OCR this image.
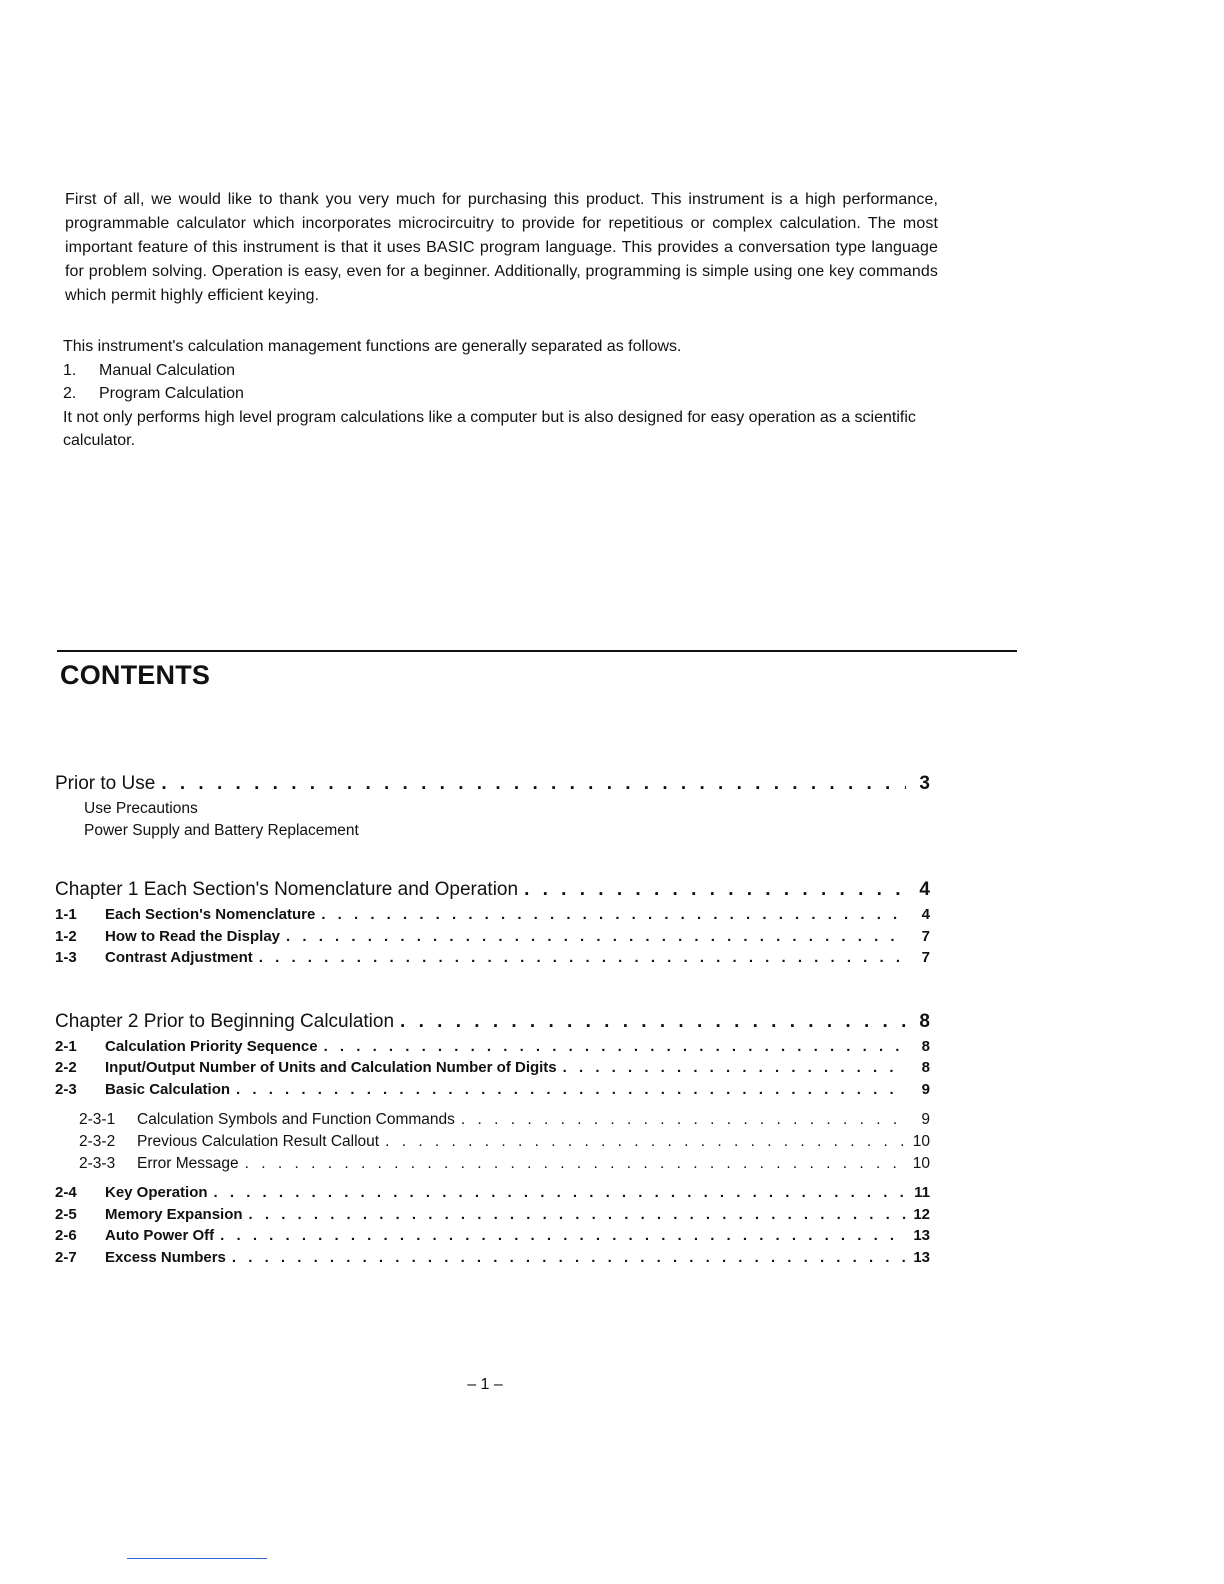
First of all, we would like to thank you very much for purchasing this product. This instrument is a high performance, programmable calculator which incorporates microcircuitry to provide for repetitious or complex calculation. The most important feature of this instrument is that it uses BASIC program language. This provides a conversation type language for problem solving. Operation is easy, even for a beginner. Additionally, programming is simple using one key commands which permit highly efficient keying.

This instrument's calculation management functions are generally separated as follows.

1.	Manual Calculation
2.	Program Calculation

It not only performs high level program calculations like a computer but is also designed for easy operation as a scientific calculator.

CONTENTS
Prior to Use . . .	3
Use Precautions
Power Supply and Battery Replacement
Chapter 1 Each Section's Nomenclature and Operation . . .	4
1-1	Each Section's Nomenclature . . .	4
1-2	How to Read the Display . . .	7
1-3	Contrast Adjustment . . .	7
Chapter 2 Prior to Beginning Calculation . . .	8
2-1	Calculation Priority Sequence . . .	8
2-2	Input/Output Number of Units and Calculation Number of Digits . . .	8
2-3	Basic Calculation . . .	9
2-3-1	Calculation Symbols and Function Commands . . .	9
2-3-2	Previous Calculation Result Callout . . .	10
2-3-3	Error Message . . .	10
2-4	Key Operation . . .	11
2-5	Memory Expansion . . .	12
2-6	Auto Power Off . . .	13
2-7	Excess Numbers . . .	13
– 1 –
